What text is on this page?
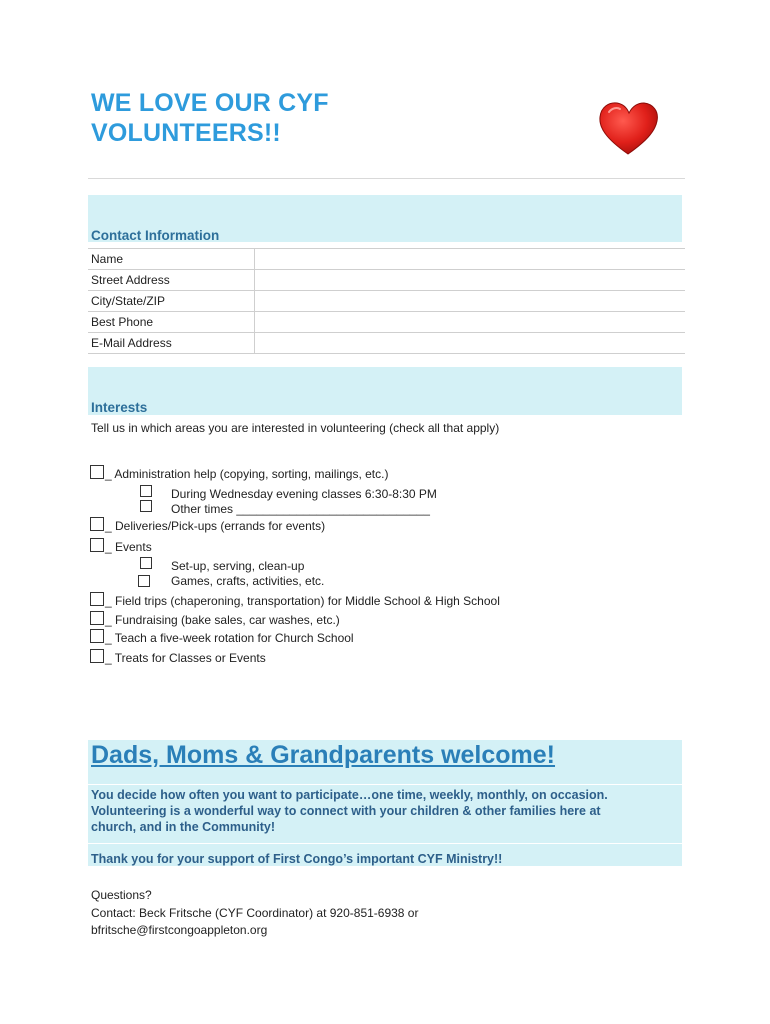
WE LOVE OUR CYF
VOLUNTEERS!!
Contact Information
Name	
Street Address	
City/State/ZIP	
Best Phone	
E-Mail Address	
Interests
Tell us in which areas you are interested in volunteering (check all that apply)
_ Administration help (copying, sorting, mailings, etc.)
During Wednesday evening classes 6:30-8:30 PM
Other times _____________________________
_ Deliveries/Pick-ups (errands for events)
_ Events
Set-up, serving, clean-up
Games, crafts, activities, etc.
_ Field trips (chaperoning, transportation) for Middle School & High School
_ Fundraising (bake sales, car washes, etc.)
_ Teach a five-week rotation for Church School
_ Treats for Classes or Events
Dads, Moms & Grandparents welcome!
You decide how often you want to participate…one time, weekly, monthly, on occasion.
Volunteering is a wonderful way to connect with your children & other families here at
church, and in the Community!
Thank you for your support of First Congo’s important CYF Ministry!!
Questions?
Contact: Beck Fritsche (CYF Coordinator) at 920-851-6938 or
bfritsche@firstcongoappleton.org
